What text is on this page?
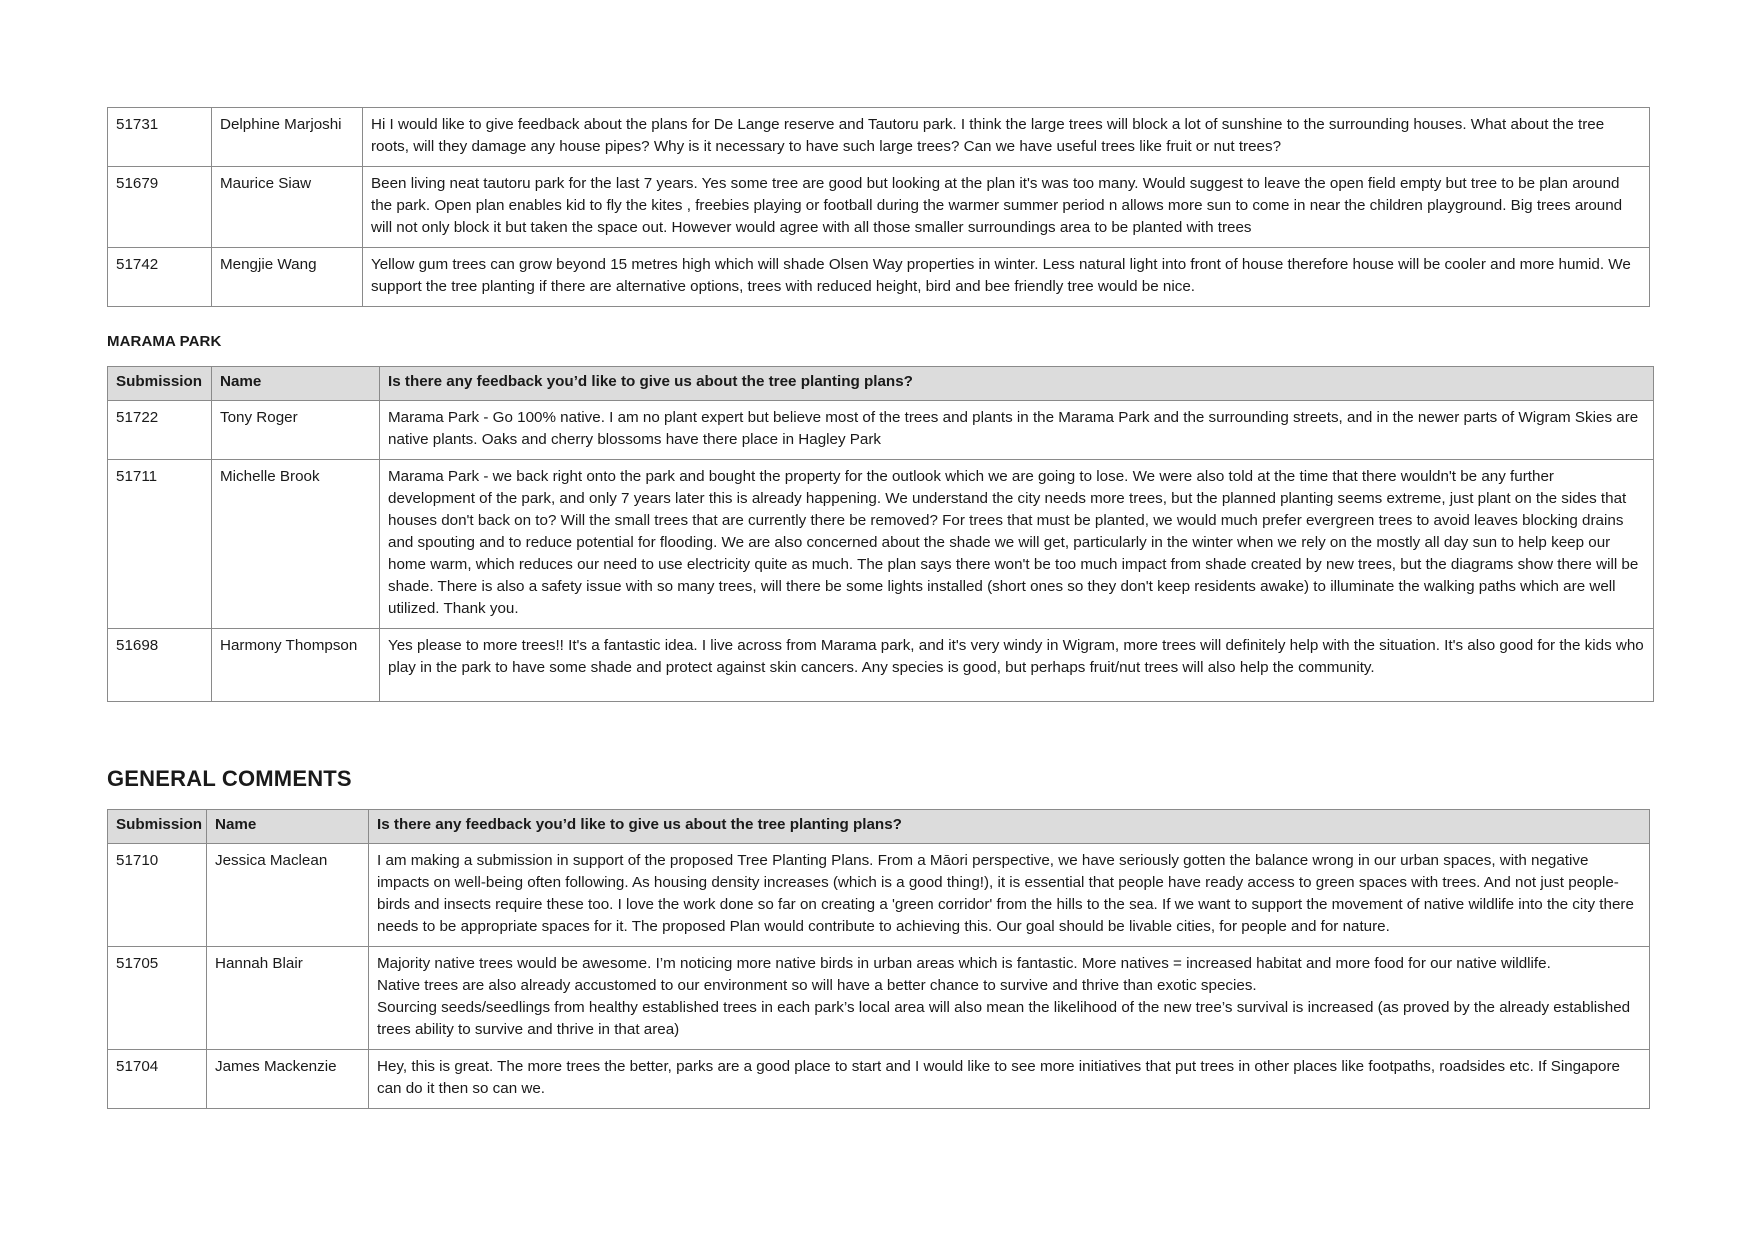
51731	Delphine Marjoshi	Hi I would like to give feedback about the plans for De Lange reserve and Tautoru park. I think the large trees will block a lot of sunshine to the surrounding houses. What about the tree roots, will they damage any house pipes? Why is it necessary to have such large trees? Can we have useful trees like fruit or nut trees?
51679	Maurice Siaw	Been living neat tautoru park for the last 7 years. Yes some tree are good but looking at the plan it's was too many. Would suggest to leave the open field empty but tree to be plan around the park. Open plan enables kid to fly the kites , freebies playing or football during the warmer summer period n allows more sun to come in near the children playground. Big trees around will not only block it but taken the space out. However would agree with all those smaller surroundings area to be planted with trees
51742	Mengjie Wang	Yellow gum trees can grow beyond 15 metres high which will shade Olsen Way properties in winter. Less natural light into front of house therefore house will be cooler and more humid. We support the tree planting if there are alternative options, trees with reduced height, bird and bee friendly tree would be nice.
MARAMA PARK
Submission	Name	Is there any feedback you’d like to give us about the tree planting plans?
51722	Tony Roger	Marama Park - Go 100% native. I am no plant expert but believe most of the trees and plants in the Marama Park and the surrounding streets, and in the newer parts of Wigram Skies are native plants. Oaks and cherry blossoms have there place in Hagley Park
51711	Michelle Brook	Marama Park - we back right onto the park and bought the property for the outlook which we are going to lose. We were also told at the time that there wouldn't be any further development of the park, and only 7 years later this is already happening. We understand the city needs more trees, but the planned planting seems extreme, just plant on the sides that houses don't back on to? Will the small trees that are currently there be removed? For trees that must be planted, we would much prefer evergreen trees to avoid leaves blocking drains and spouting and to reduce potential for flooding. We are also concerned about the shade we will get, particularly in the winter when we rely on the mostly all day sun to help keep our home warm, which reduces our need to use electricity quite as much. The plan says there won't be too much impact from shade created by new trees, but the diagrams show there will be shade. There is also a safety issue with so many trees, will there be some lights installed (short ones so they don't keep residents awake) to illuminate the walking paths which are well utilized. Thank you.
51698	Harmony Thompson	Yes please to more trees!! It's a fantastic idea. I live across from Marama park, and it's very windy in Wigram, more trees will definitely help with the situation. It's also good for the kids who play in the park to have some shade and protect against skin cancers. Any species is good, but perhaps fruit/nut trees will also help the community.
GENERAL COMMENTS
Submission	Name	Is there any feedback you’d like to give us about the tree planting plans?
51710	Jessica Maclean	I am making a submission in support of the proposed Tree Planting Plans. From a Māori perspective, we have seriously gotten the balance wrong in our urban spaces, with negative impacts on well-being often following. As housing density increases (which is a good thing!), it is essential that people have ready access to green spaces with trees. And not just people-birds and insects require these too. I love the work done so far on creating a 'green corridor' from the hills to the sea. If we want to support the movement of native wildlife into the city there needs to be appropriate spaces for it. The proposed Plan would contribute to achieving this. Our goal should be livable cities, for people and for nature.
51705	Hannah Blair	Majority native trees would be awesome. I’m noticing more native birds in urban areas which is fantastic. More natives = increased habitat and more food for our native wildlife.
Native trees are also already accustomed to our environment so will have a better chance to survive and thrive than exotic species.
Sourcing seeds/seedlings from healthy established trees in each park’s local area will also mean the likelihood of the new tree’s survival is increased (as proved by the already established trees ability to survive and thrive in that area)

51704	James Mackenzie	Hey, this is great. The more trees the better, parks are a good place to start and I would like to see more initiatives that put trees in other places like footpaths, roadsides etc. If Singapore can do it then so can we.
